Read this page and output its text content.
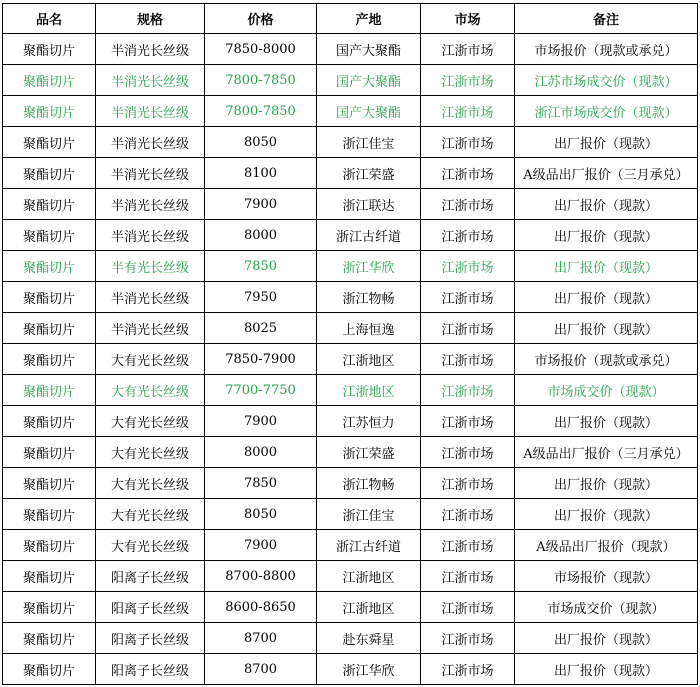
品名	规格	价格	产地	市场	备注
聚酯切片	半消光长丝级	7850-8000	国产大聚酯	江浙市场	市场报价（现款或承兑）
聚酯切片	半消光长丝级	7800-7850	国产大聚酯	江浙市场	江苏市场成交价（现款）
聚酯切片	半消光长丝级	7800-7850	国产大聚酯	江浙市场	浙江市场成交价（现款）
聚酯切片	半消光长丝级	8050	浙江佳宝	江浙市场	出厂报价（现款）
聚酯切片	半消光长丝级	8100	浙江荣盛	江浙市场	A级品出厂报价（三月承兑）
聚酯切片	半消光长丝级	7900	浙江联达	江浙市场	出厂报价（现款）
聚酯切片	半消光长丝级	8000	浙江古纤道	江浙市场	出厂报价（现款）
聚酯切片	半有光长丝级	7850	浙江华欣	江浙市场	出厂报价（现款）
聚酯切片	半消光长丝级	7950	浙江物畅	江浙市场	出厂报价（现款）
聚酯切片	半消光长丝级	8025	上海恒逸	江浙市场	出厂报价（现款）
聚酯切片	大有光长丝级	7850-7900	江浙地区	江浙市场	市场报价（现款或承兑）
聚酯切片	大有光长丝级	7700-7750	江浙地区	江浙市场	市场成交价（现款）
聚酯切片	大有光长丝级	7900	江苏恒力	江浙市场	出厂报价（现款）
聚酯切片	大有光长丝级	8000	浙江荣盛	江浙市场	A级品出厂报价（三月承兑）
聚酯切片	大有光长丝级	7850	浙江物畅	江浙市场	出厂报价（现款）
聚酯切片	大有光长丝级	8050	浙江佳宝	江浙市场	出厂报价（现款）
聚酯切片	大有光长丝级	7900	浙江古纤道	江浙市场	A级品出厂报价（现款）
聚酯切片	阳离子长丝级	8700-8800	江浙地区	江浙市场	市场报价（现款）
聚酯切片	阳离子长丝级	8600-8650	江浙地区	江浙市场	市场成交价（现款）
聚酯切片	阳离子长丝级	8700	赴东舜星	江浙市场	出厂报价（现款）
聚酯切片	阳离子长丝级	8700	浙江华欣	江浙市场	出厂报价（现款）
